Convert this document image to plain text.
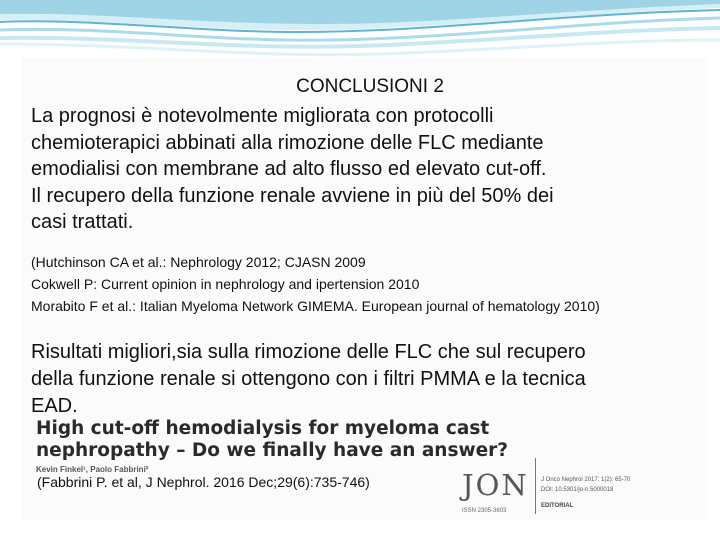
CONCLUSIONI 2
La prognosi è notevolmente migliorata con protocolli
chemioterapici abbinati alla rimozione delle FLC mediante
emodialisi con membrane ad alto flusso ed elevato cut-off.
Il recupero della funzione renale avviene in più del 50% dei
casi trattati.
(Hutchinson CA et al.: Nephrology 2012; CJASN 2009
Cokwell P: Current opinion in nephrology and ipertension 2010
Morabito F et al.: Italian Myeloma Network GIMEMA. European journal of hematology 2010)
Risultati migliori,sia sulla rimozione delle FLC che sul recupero
della funzione renale si ottengono con i filtri PMMA e la tecnica
EAD.
High cut-off hemodialysis for myeloma cast
nephropathy – Do we finally have an answer?
Kevin Finkel¹, Paolo Fabbrini²
(Fabbrini P. et al, J Nephrol. 2016 Dec;29(6):735-746)	JON
ISSN 2305-3603
J Onco Nephrol 2017; 1(2): 65-70
DOI: 10.5301/jo-n.5000018
EDITORIAL
